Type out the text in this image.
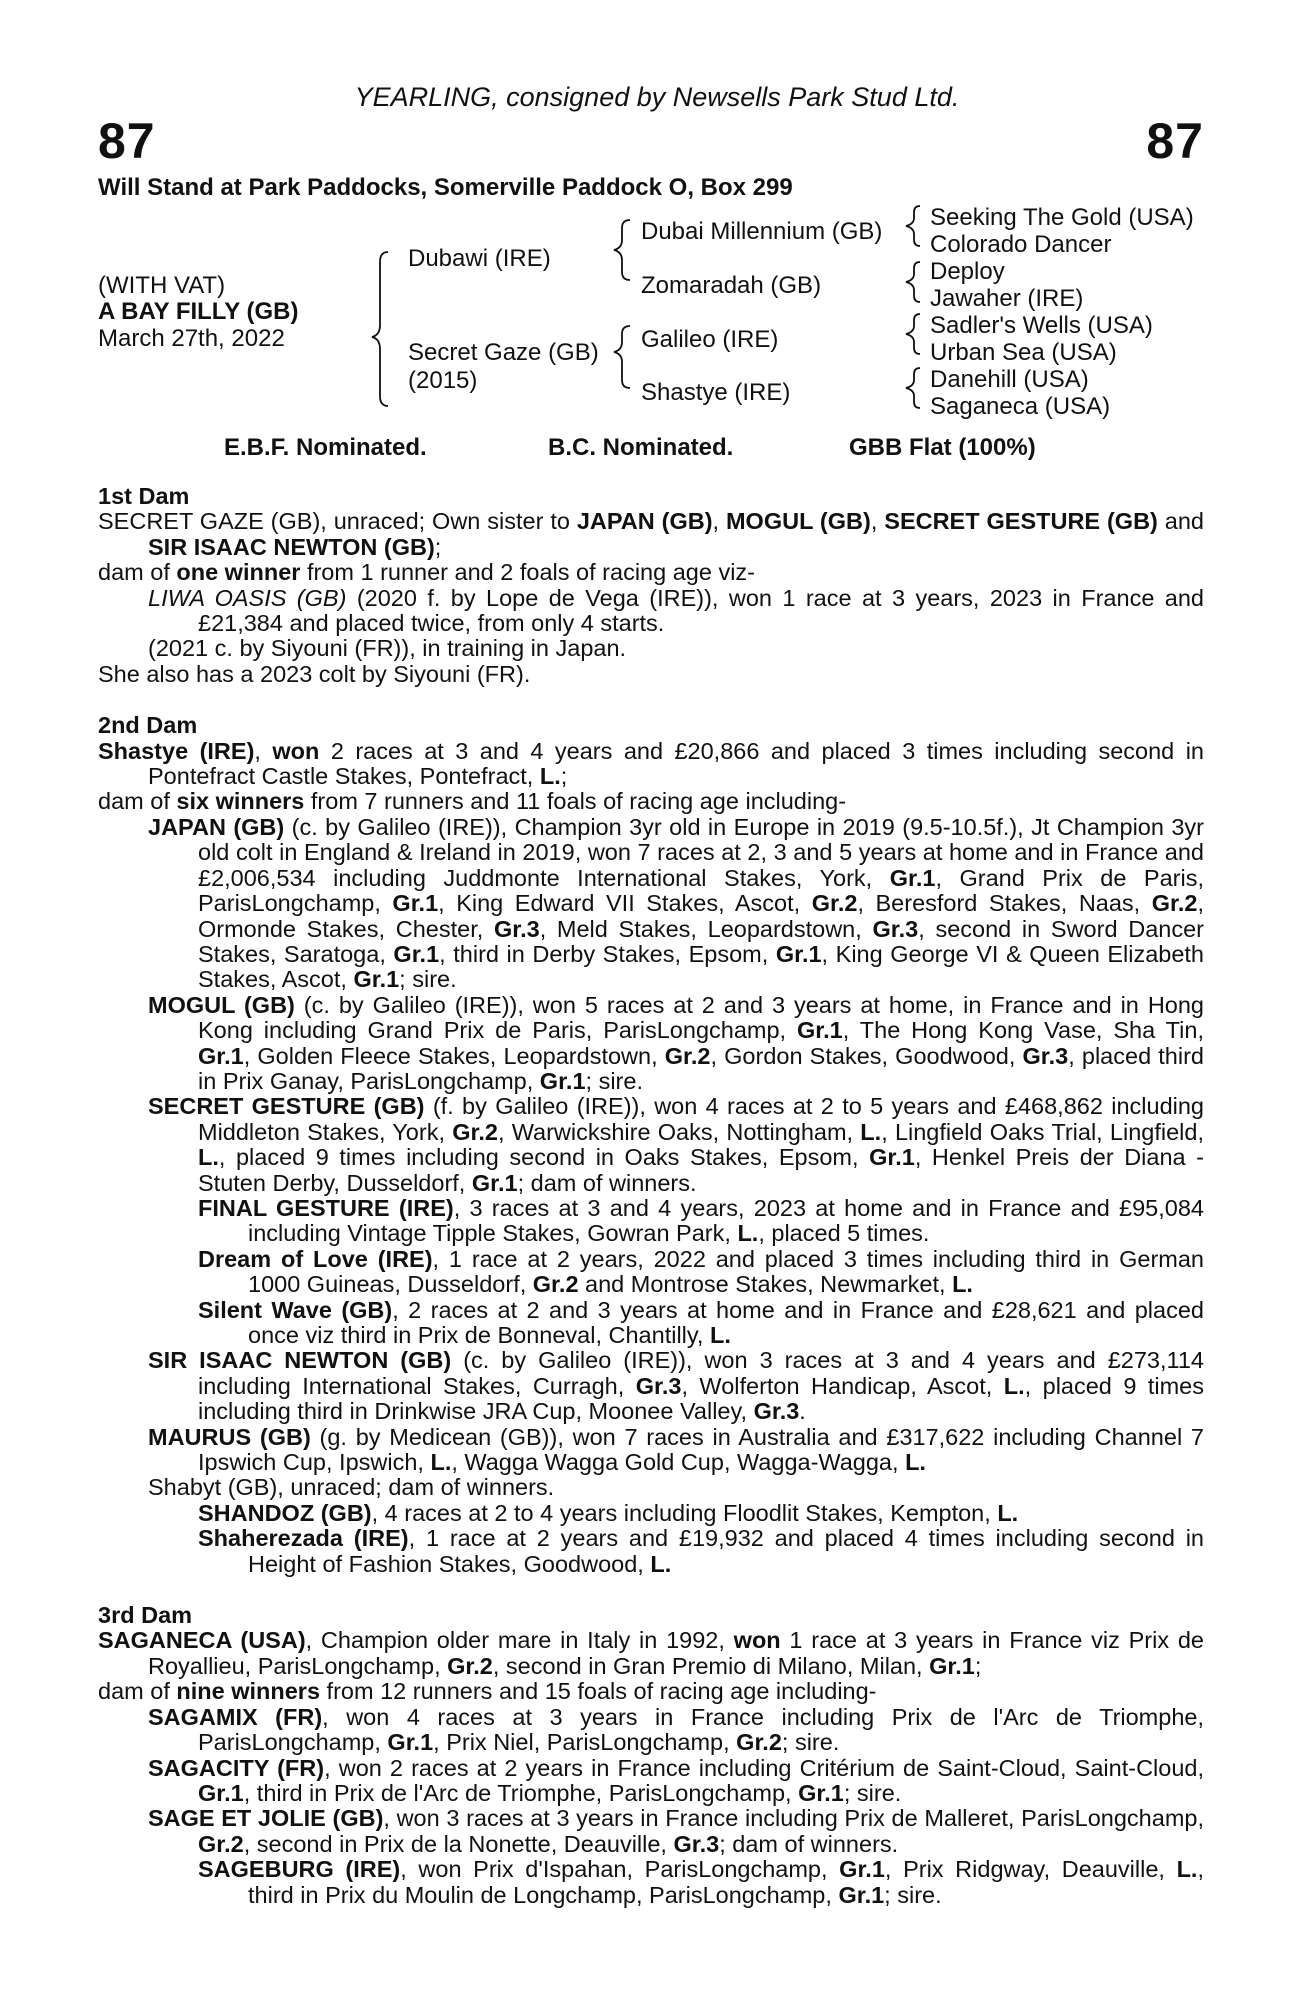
YEARLING, consigned by Newsells Park Stud Ltd.
87	87
Will Stand at Park Paddocks, Somerville Paddock O, Box 299
(WITH VAT)
A BAY FILLY (GB)
March 27th, 2022
Dubawi (IRE)
Secret Gaze (GB)
(2015)
Dubai Millennium (GB)
Zomaradah (GB)
Galileo (IRE)
Shastye (IRE)
Seeking The Gold (USA)
Colorado Dancer
Deploy
Jawaher (IRE)
Sadler's Wells (USA)
Urban Sea (USA)
Danehill (USA)
Saganeca (USA)
E.B.F. Nominated.	B.C. Nominated.	GBB Flat (100%)
1st Dam
SECRET GAZE (GB), unraced; Own sister to JAPAN (GB), MOGUL (GB), SECRET GESTURE (GB) and SIR ISAAC NEWTON (GB);
dam of one winner from 1 runner and 2 foals of racing age viz-
LIWA OASIS (GB) (2020 f. by Lope de Vega (IRE)), won 1 race at 3 years, 2023 in France and £21,384 and placed twice, from only 4 starts.
(2021 c. by Siyouni (FR)), in training in Japan.
She also has a 2023 colt by Siyouni (FR).
2nd Dam
Shastye (IRE), won 2 races at 3 and 4 years and £20,866 and placed 3 times including second in Pontefract Castle Stakes, Pontefract, L.;
dam of six winners from 7 runners and 11 foals of racing age including-
JAPAN (GB) (c. by Galileo (IRE)), Champion 3yr old in Europe in 2019 (9.5-10.5f.), Jt Champion 3yr old colt in England & Ireland in 2019, won 7 races at 2, 3 and 5 years at home and in France and £2,006,534 including Juddmonte International Stakes, York, Gr.1, Grand Prix de Paris, ParisLongchamp, Gr.1, King Edward VII Stakes, Ascot, Gr.2, Beresford Stakes, Naas, Gr.2, Ormonde Stakes, Chester, Gr.3, Meld Stakes, Leopardstown, Gr.3, second in Sword Dancer Stakes, Saratoga, Gr.1, third in Derby Stakes, Epsom, Gr.1, King George VI & Queen Elizabeth Stakes, Ascot, Gr.1; sire.
MOGUL (GB) (c. by Galileo (IRE)), won 5 races at 2 and 3 years at home, in France and in Hong Kong including Grand Prix de Paris, ParisLongchamp, Gr.1, The Hong Kong Vase, Sha Tin, Gr.1, Golden Fleece Stakes, Leopardstown, Gr.2, Gordon Stakes, Goodwood, Gr.3, placed third in Prix Ganay, ParisLongchamp, Gr.1; sire.
SECRET GESTURE (GB) (f. by Galileo (IRE)), won 4 races at 2 to 5 years and £468,862 including Middleton Stakes, York, Gr.2, Warwickshire Oaks, Nottingham, L., Lingfield Oaks Trial, Lingfield, L., placed 9 times including second in Oaks Stakes, Epsom, Gr.1, Henkel Preis der Diana - Stuten Derby, Dusseldorf, Gr.1; dam of winners.
FINAL GESTURE (IRE), 3 races at 3 and 4 years, 2023 at home and in France and £95,084 including Vintage Tipple Stakes, Gowran Park, L., placed 5 times.
Dream of Love (IRE), 1 race at 2 years, 2022 and placed 3 times including third in German 1000 Guineas, Dusseldorf, Gr.2 and Montrose Stakes, Newmarket, L.
Silent Wave (GB), 2 races at 2 and 3 years at home and in France and £28,621 and placed once viz third in Prix de Bonneval, Chantilly, L.
SIR ISAAC NEWTON (GB) (c. by Galileo (IRE)), won 3 races at 3 and 4 years and £273,114 including International Stakes, Curragh, Gr.3, Wolferton Handicap, Ascot, L., placed 9 times including third in Drinkwise JRA Cup, Moonee Valley, Gr.3.
MAURUS (GB) (g. by Medicean (GB)), won 7 races in Australia and £317,622 including Channel 7 Ipswich Cup, Ipswich, L., Wagga Wagga Gold Cup, Wagga-Wagga, L.
Shabyt (GB), unraced; dam of winners.
SHANDOZ (GB), 4 races at 2 to 4 years including Floodlit Stakes, Kempton, L.
Shaherezada (IRE), 1 race at 2 years and £19,932 and placed 4 times including second in Height of Fashion Stakes, Goodwood, L.
3rd Dam
SAGANECA (USA), Champion older mare in Italy in 1992, won 1 race at 3 years in France viz Prix de Royallieu, ParisLongchamp, Gr.2, second in Gran Premio di Milano, Milan, Gr.1;
dam of nine winners from 12 runners and 15 foals of racing age including-
SAGAMIX (FR), won 4 races at 3 years in France including Prix de l'Arc de Triomphe, ParisLongchamp, Gr.1, Prix Niel, ParisLongchamp, Gr.2; sire.
SAGACITY (FR), won 2 races at 2 years in France including Critérium de Saint-Cloud, Saint-Cloud, Gr.1, third in Prix de l'Arc de Triomphe, ParisLongchamp, Gr.1; sire.
SAGE ET JOLIE (GB), won 3 races at 3 years in France including Prix de Malleret, ParisLongchamp, Gr.2, second in Prix de la Nonette, Deauville, Gr.3; dam of winners.
SAGEBURG (IRE), won Prix d'Ispahan, ParisLongchamp, Gr.1, Prix Ridgway, Deauville, L., third in Prix du Moulin de Longchamp, ParisLongchamp, Gr.1; sire.
